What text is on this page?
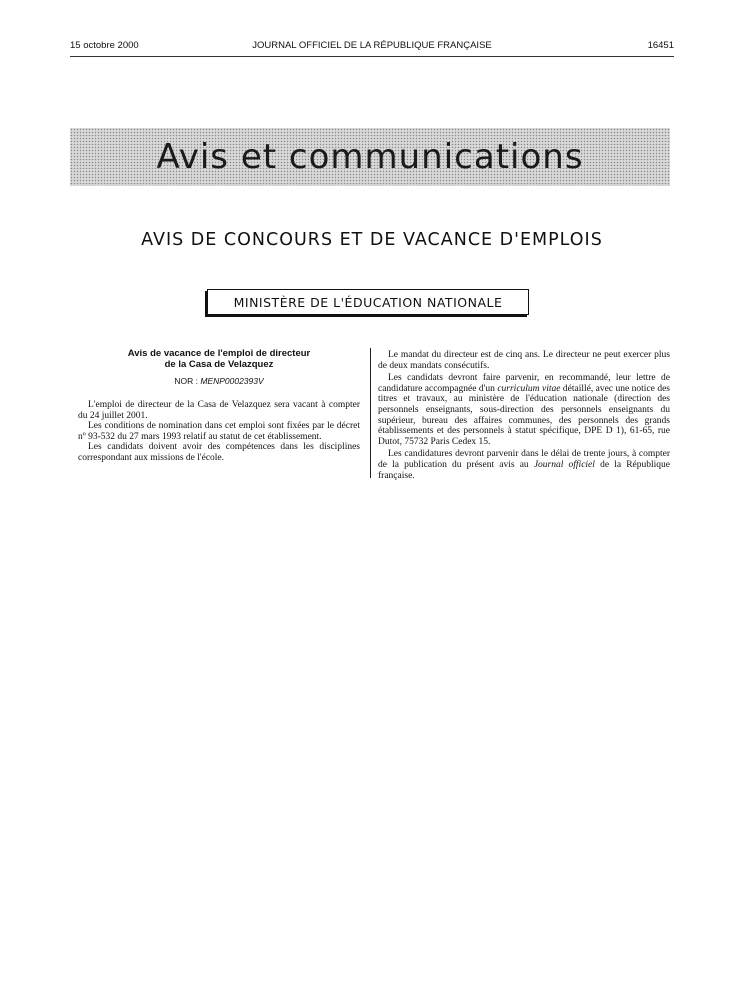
15 octobre 2000	JOURNAL OFFICIEL DE LA RÉPUBLIQUE FRANÇAISE	16451
Avis et communications
AVIS DE CONCOURS ET DE VACANCE D'EMPLOIS
MINISTÈRE DE L'ÉDUCATION NATIONALE
Avis de vacance de l'emploi de directeur
de la Casa de Velazquez
NOR : MENP0002393V

L'emploi de directeur de la Casa de Velazquez sera vacant à compter du 24 juillet 2001.

Les conditions de nomination dans cet emploi sont fixées par le décret nº 93-532 du 27 mars 1993 relatif au statut de cet établissement.

Les candidats doivent avoir des compétences dans les disciplines correspondant aux missions de l'école.

Le mandat du directeur est de cinq ans. Le directeur ne peut exercer plus de deux mandats consécutifs.

Les candidats devront faire parvenir, en recommandé, leur lettre de candidature accompagnée d'un curriculum vitae détaillé, avec une notice des titres et travaux, au ministère de l'éducation nationale (direction des personnels enseignants, sous-direction des personnels enseignants du supérieur, bureau des affaires communes, des personnels des grands établissements et des personnels à statut spécifique, DPE D 1), 61-65, rue Dutot, 75732 Paris Cedex 15.

Les candidatures devront parvenir dans le délai de trente jours, à compter de la publication du présent avis au Journal officiel de la République française.
